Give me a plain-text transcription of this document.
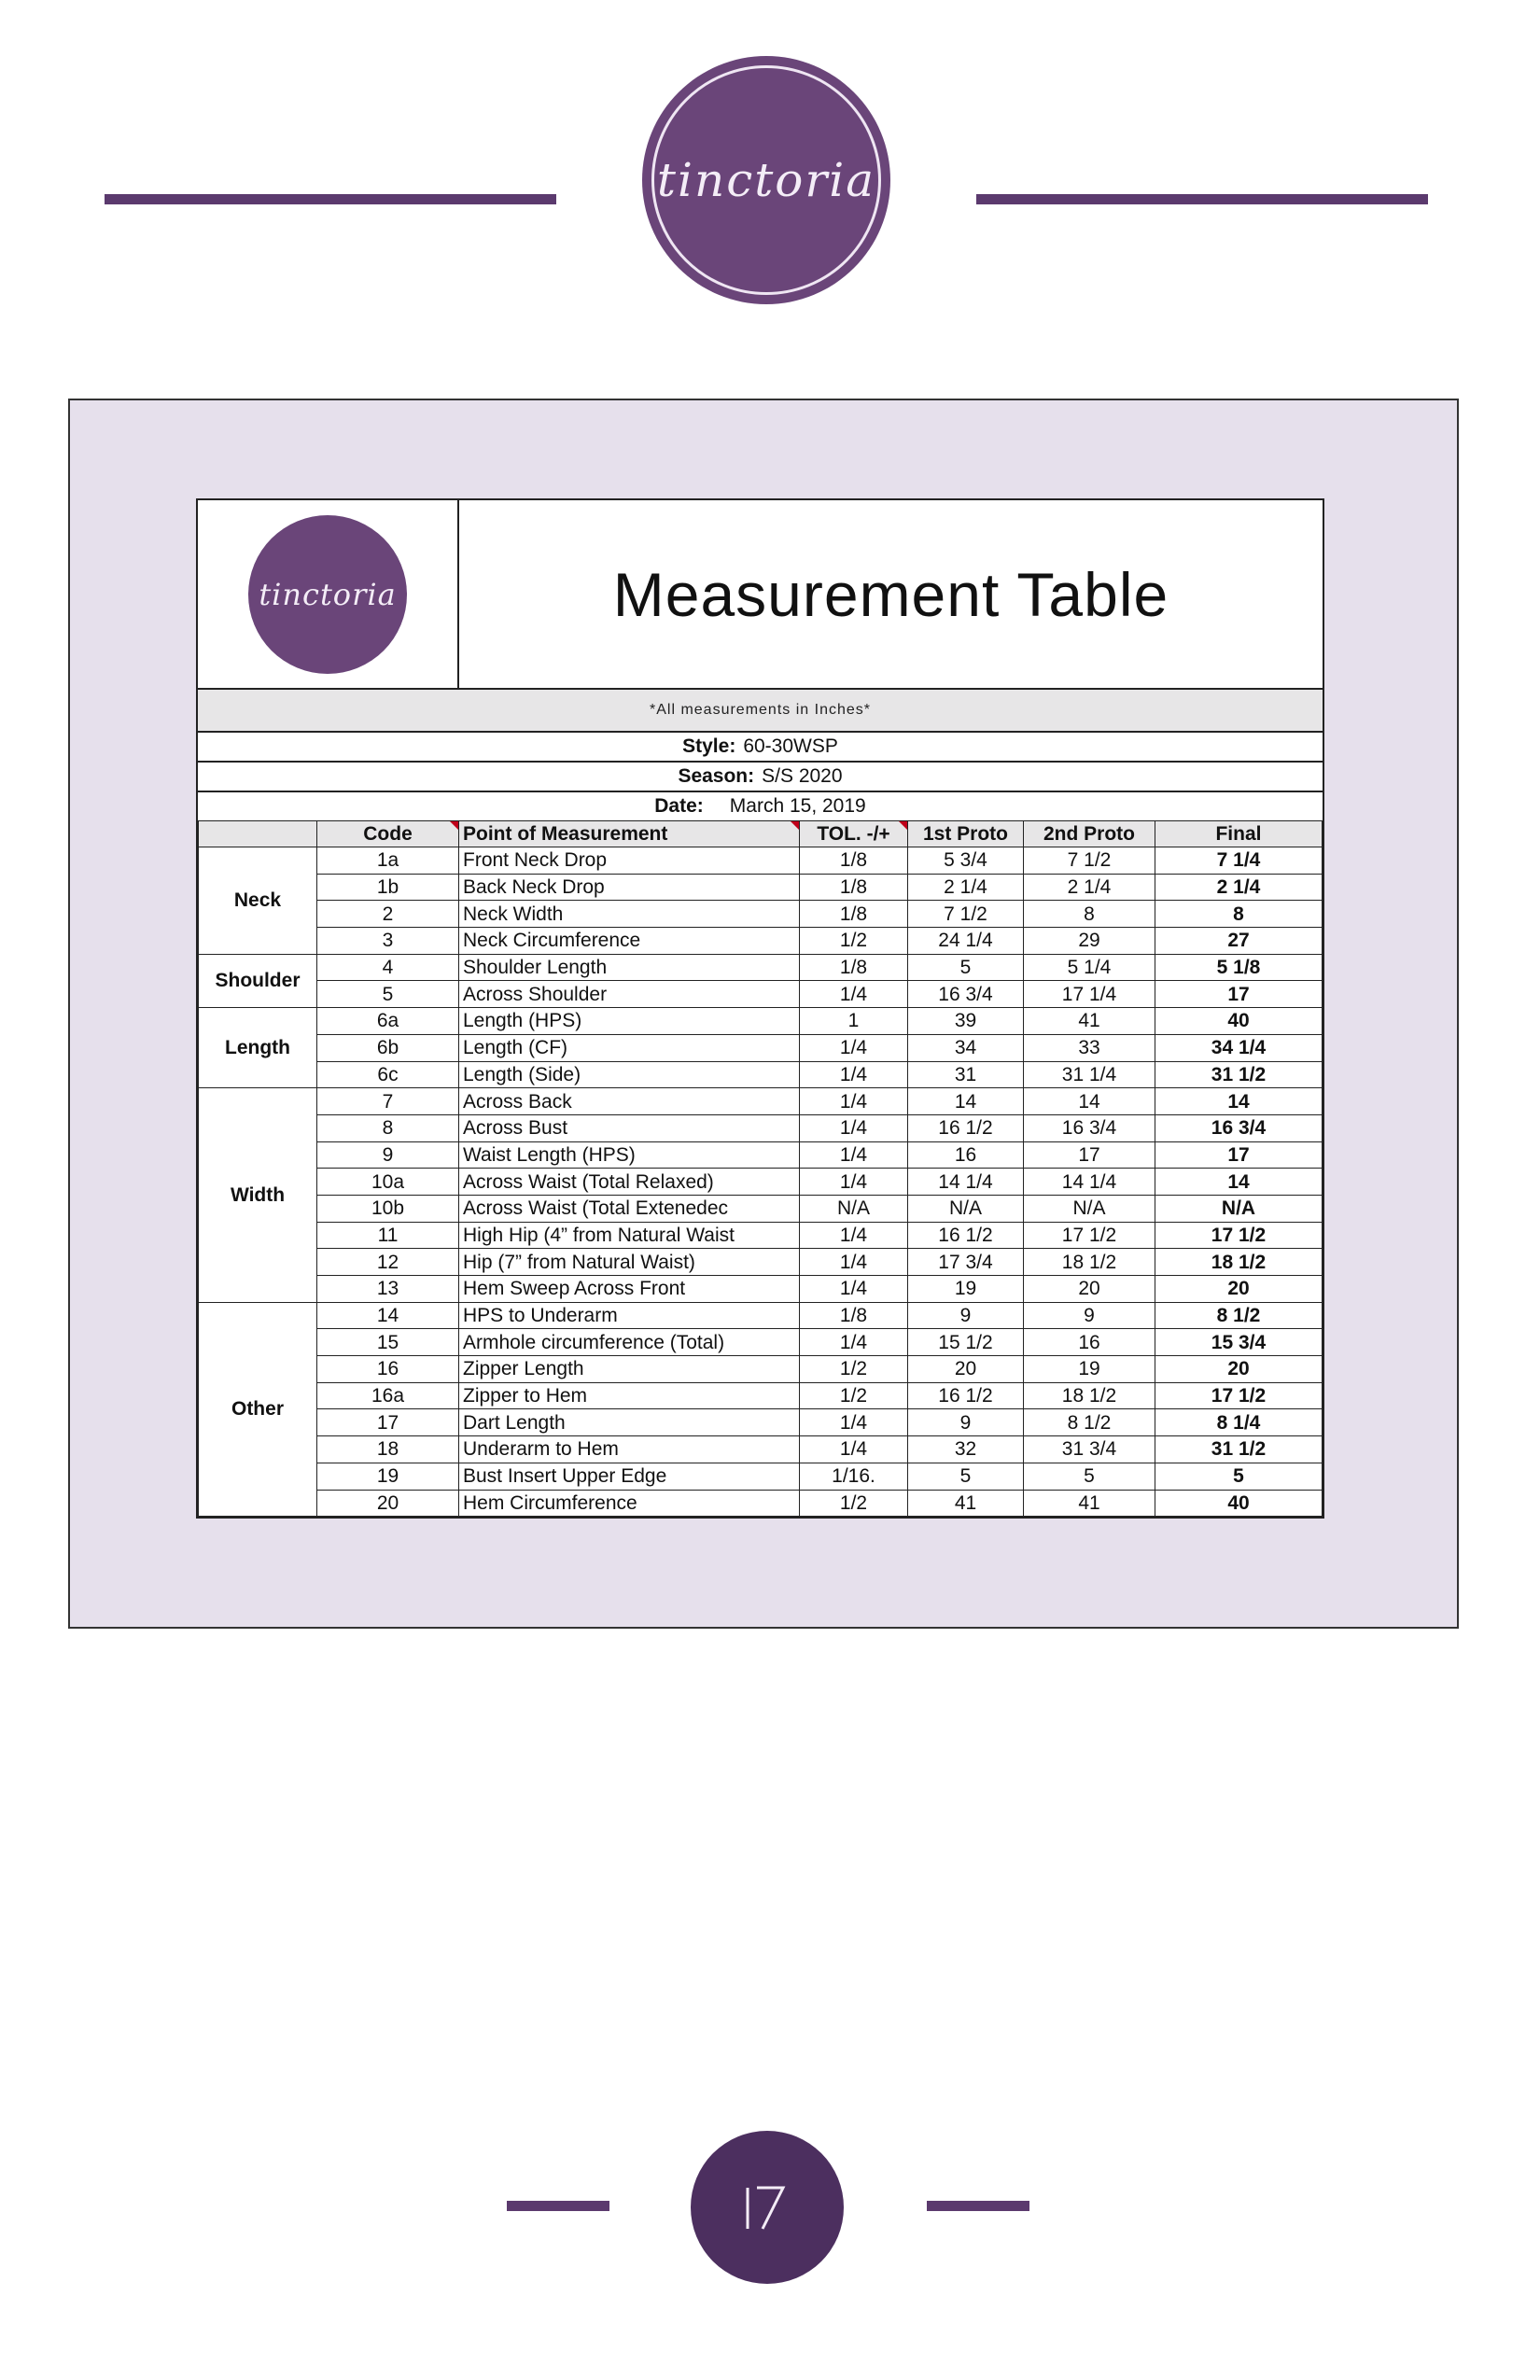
tinctoria
tinctoria	Measurement Table
*All measurements in Inches*
Style: 60-30WSP
Season: S/S 2020
Date: March 15, 2019
	Code	Point of Measurement	TOL. -/+	1st Proto	2nd Proto	Final
Neck	1a	Front Neck Drop	1/8	5 3/4	7 1/2	7 1/4
	1b	Back Neck Drop	1/8	2 1/4	2 1/4	2 1/4
	2	Neck Width	1/8	7 1/2	8	8
	3	Neck Circumference	1/2	24 1/4	29	27
Shoulder	4	Shoulder Length	1/8	5	5 1/4	5 1/8
	5	Across Shoulder	1/4	16 3/4	17 1/4	17
Length	6a	Length (HPS)	1	39	41	40
	6b	Length (CF)	1/4	34	33	34 1/4
	6c	Length (Side)	1/4	31	31 1/4	31 1/2
Width	7	Across Back	1/4	14	14	14
	8	Across Bust	1/4	16 1/2	16 3/4	16 3/4
	9	Waist Length (HPS)	1/4	16	17	17
	10a	Across Waist (Total Relaxed)	1/4	14 1/4	14 1/4	14
	10b	Across Waist (Total Extenedec	N/A	N/A	N/A	N/A
	11	High Hip (4” from Natural Waist	1/4	16 1/2	17 1/2	17 1/2
	12	Hip (7” from Natural Waist)	1/4	17 3/4	18 1/2	18 1/2
	13	Hem Sweep Across Front	1/4	19	20	20
Other	14	HPS to Underarm	1/8	9	9	8 1/2
	15	Armhole circumference (Total)	1/4	15 1/2	16	15 3/4
	16	Zipper Length	1/2	20	19	20
	16a	Zipper to Hem	1/2	16 1/2	18 1/2	17 1/2
	17	Dart Length	1/4	9	8 1/2	8 1/4
	18	Underarm to Hem	1/4	32	31 3/4	31 1/2
	19	Bust Insert Upper Edge	1/16.	5	5	5
	20	Hem Circumference	1/2	41	41	40
